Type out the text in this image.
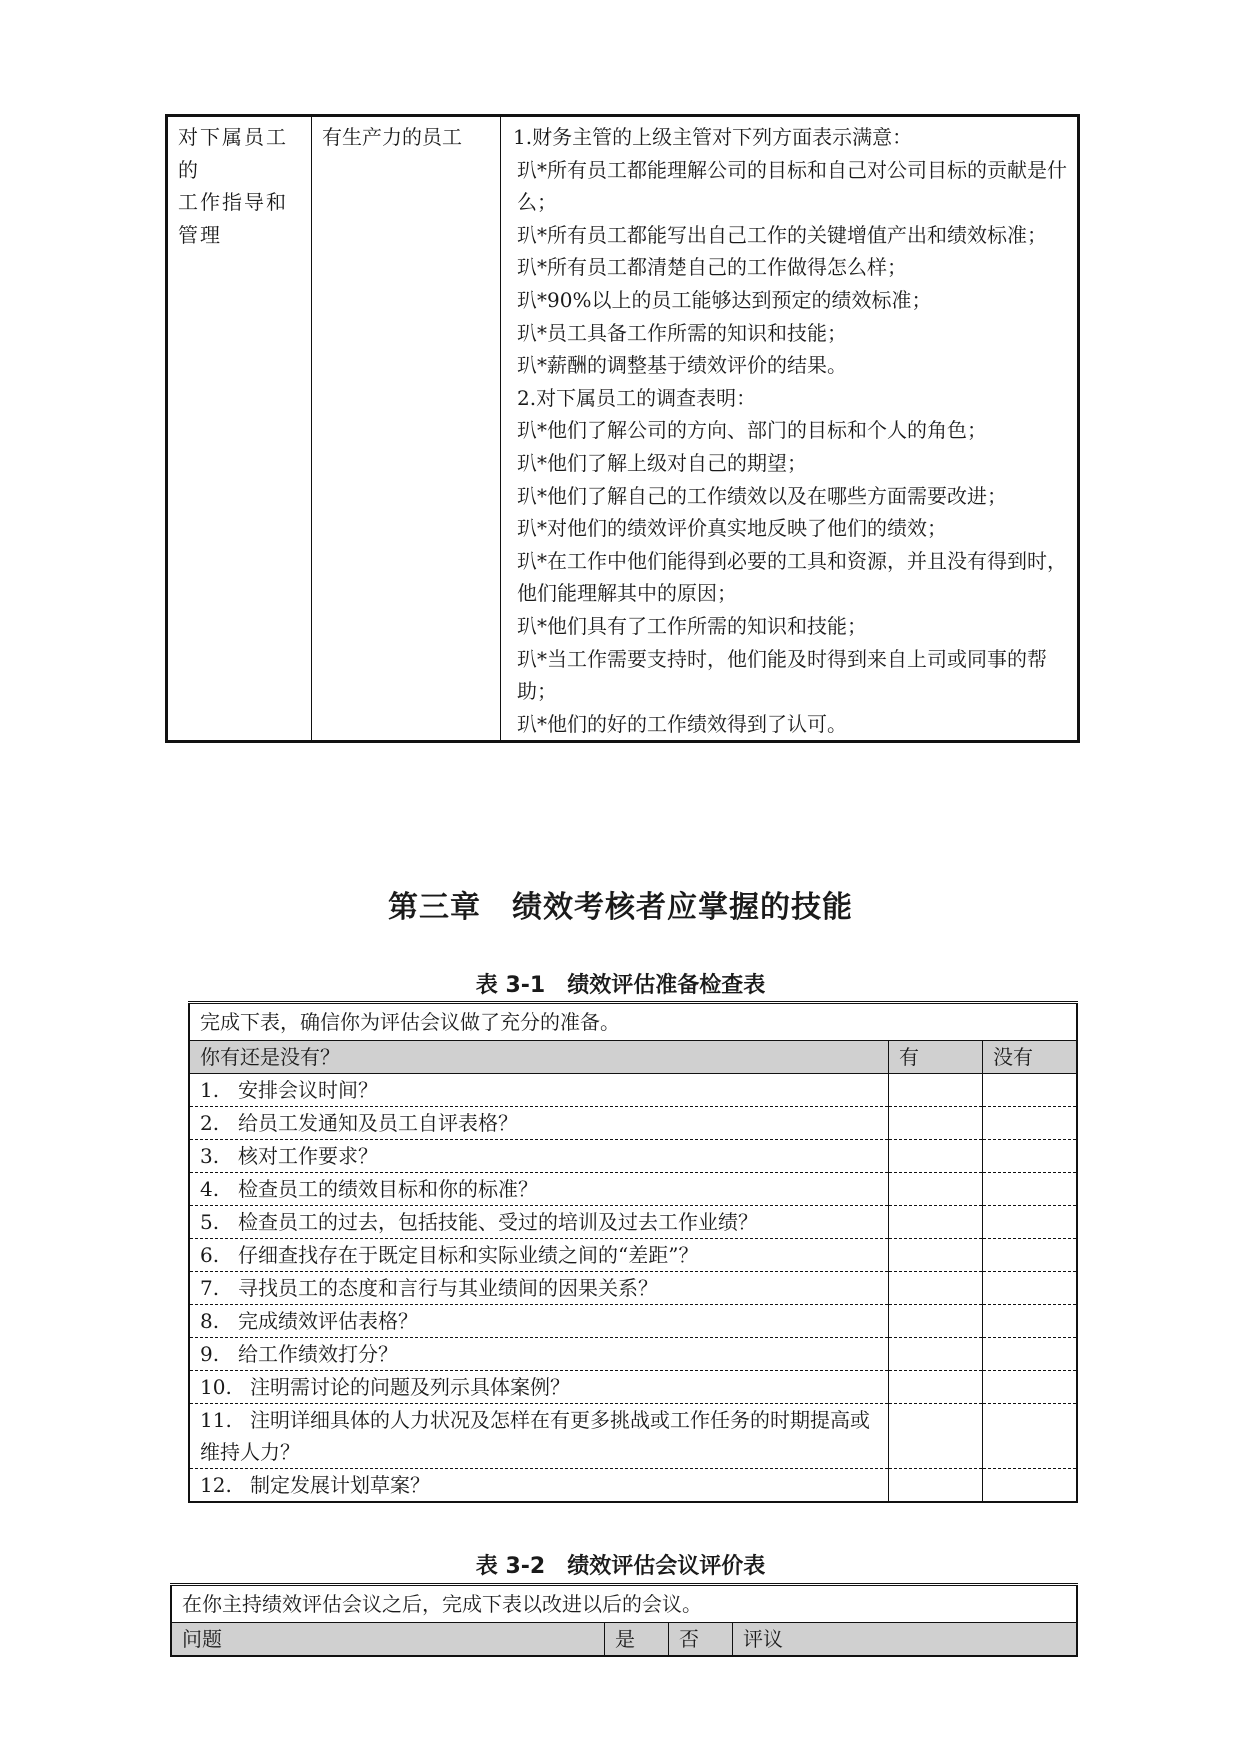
对下属员工的
工作指导和管理
	有生产力的员工	1.财务主管的上级主管对下列方面表示满意：
玐*所有员工都能理解公司的目标和自己对公司目标的贡献是什么；
玐*所有员工都能写出自己工作的关键增值产出和绩效标准；
玐*所有员工都清楚自己的工作做得怎么样；
玐*90%以上的员工能够达到预定的绩效标准；
玐*员工具备工作所需的知识和技能；
玐*薪酬的调整基于绩效评价的结果。
2.对下属员工的调查表明：
玐*他们了解公司的方向、部门的目标和个人的角色；
玐*他们了解上级对自己的期望；
玐*他们了解自己的工作绩效以及在哪些方面需要改进；
玐*对他们的绩效评价真实地反映了他们的绩效；
玐*在工作中他们能得到必要的工具和资源，并且没有得到时，他们能理解其中的原因；
玐*他们具有了工作所需的知识和技能；
玐*当工作需要支持时，他们能及时得到来自上司或同事的帮助；
玐*他们的好的工作绩效得到了认可。
第三章　绩效考核者应掌握的技能
表 3-1　绩效评估准备检查表
完成下表，确信你为评估会议做了充分的准备。		
你有还是没有？	有	没有
1. 安排会议时间？		
2. 给员工发通知及员工自评表格？		
3. 核对工作要求？		
4. 检查员工的绩效目标和你的标准？		
5. 检查员工的过去，包括技能、受过的培训及过去工作业绩？		
6. 仔细查找存在于既定目标和实际业绩之间的“差距”？		
7. 寻找员工的态度和言行与其业绩间的因果关系？		
8. 完成绩效评估表格？		
9. 给工作绩效打分？		
10. 注明需讨论的问题及列示具体案例？		
11. 注明详细具体的人力状况及怎样在有更多挑战或工作任务的时期提高或维持人力？		
12. 制定发展计划草案？		
表 3-2　绩效评估会议评价表
在你主持绩效评估会议之后，完成下表以改进以后的会议。
问题	是	否	评议
